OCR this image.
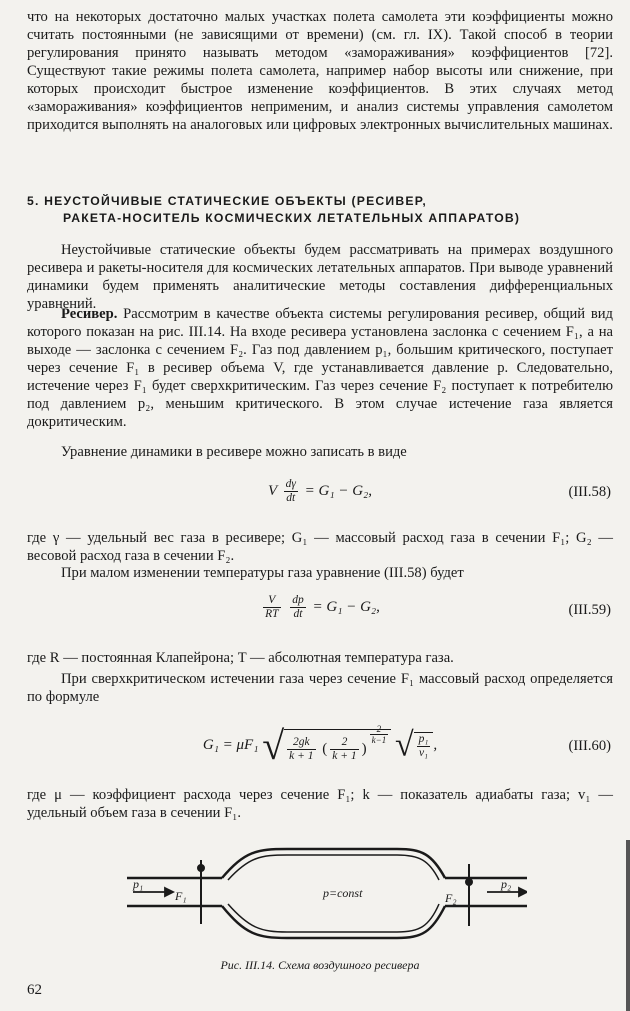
что на некоторых достаточно малых участках полета самолета эти коэффициенты можно считать постоянными (не зависящими от времени) (см. гл. IX). Такой способ в теории регулирования принято называть методом «замораживания» коэффициентов [72]. Существуют такие режимы полета самолета, например набор высоты или снижение, при которых происходит быстрое изменение коэффициентов. В этих случаях метод «замораживания» коэффициентов неприменим, и анализ системы управления самолетом приходится выполнять на аналоговых или цифровых электронных вычислительных машинах.

5. НЕУСТОЙЧИВЫЕ СТАТИЧЕСКИЕ ОБЪЕКТЫ (РЕСИВЕР,
РАКЕТА-НОСИТЕЛЬ КОСМИЧЕСКИХ ЛЕТАТЕЛЬНЫХ АППАРАТОВ)

Неустойчивые статические объекты будем рассматривать на примерах воздушного ресивера и ракеты-носителя для космических летательных аппаратов. При выводе уравнений динамики будем применять аналитические методы составления дифференциальных уравнений.

Ресивер. Рассмотрим в качестве объекта системы регулирования ресивер, общий вид которого показан на рис. III.14. На входе ресивера установлена заслонка с сечением F₁, а на выходе — заслонка с сечением F₂. Газ под давлением p₁, большим критического, поступает через сечение F₁ в ресивер объема V, где устанавливается давление p. Следовательно, истечение через F₁ будет сверхкритическим. Газ через сечение F₂ поступает к потребителю под давлением p₂, меньшим критического. В этом случае истечение газа является докритическим.

Уравнение динамики в ресивере можно записать в виде

V $\frac{d\gamma}{dt} = G_1 - G_2$,	(III.58)

где γ — удельный вес газа в ресивере; G₁ — массовый расход газа в сечении F₁; G₂ — весовой расход газа в сечении F₂.

При малом изменении температуры газа уравнение (III.58) будет

$\frac{V}{RT}$
$\frac{dp}{dt} = G_1 - G_2$,	(III.59)

где R — постоянная Клапейрона; T — абсолютная температура газа.

При сверхкритическом истечении газа через сечение F₁ массовый расход определяется по формуле

G₁ = μF₁ √ $\frac{2gk}{k + 1}$ ( $\frac{2}{k + 1}$ )
$\frac{2}{k-1}$ √ $\frac{\text{p₁}}{\text{v₁}}$ ,	(III.60)

где μ — коэффициент расхода через сечение F₁; k — показатель адиабаты газа; v₁ — удельный объем газа в сечении F₁.

p₁
F₁	p=const	F₂
p₂
Рис. III.14. Схема воздушного ресивера
62
